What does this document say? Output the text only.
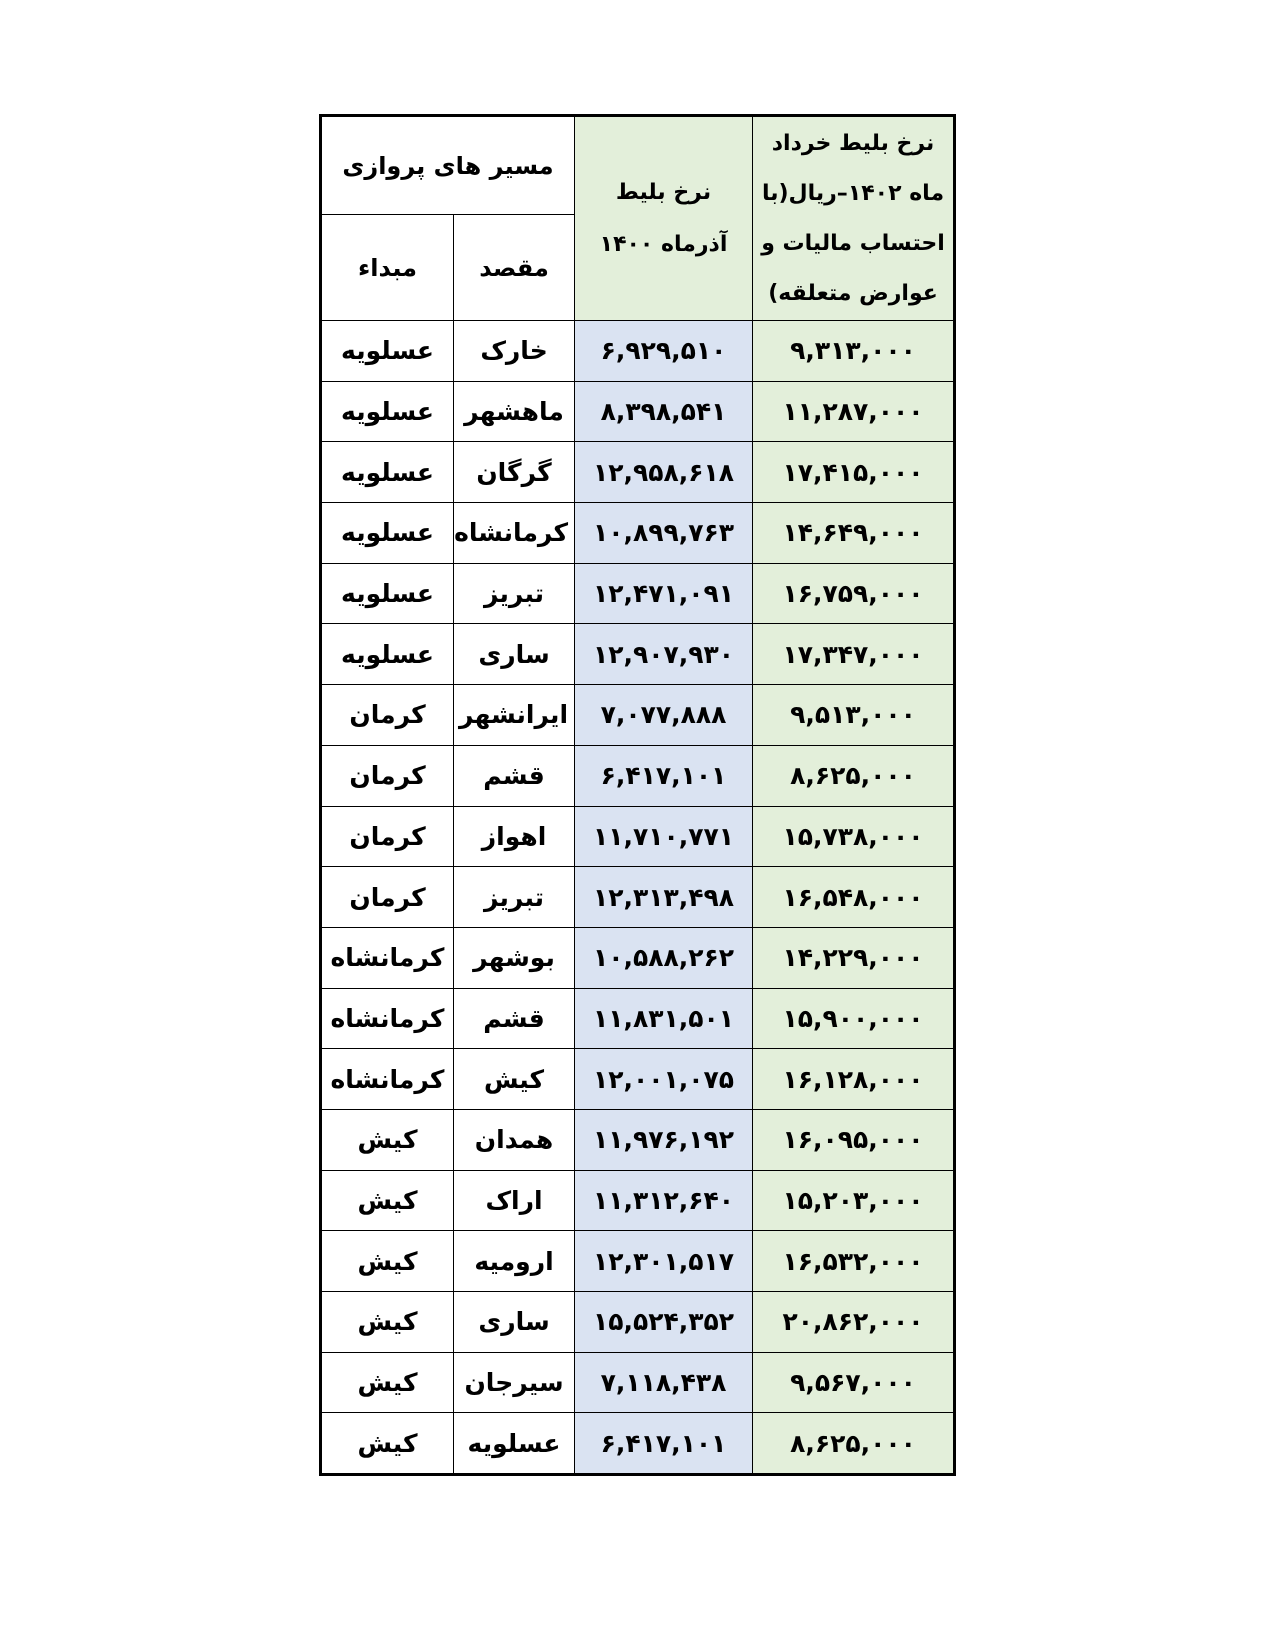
نرخ بلیط خرداد ماه ۱۴۰۲–ریال(با احتساب مالیات و عوارض متعلقه)	نرخ بلیط آذرماه ۱۴۰۰	مسیر های پروازی	
		مقصد	مبداء
۹,۳۱۳,۰۰۰	۶,۹۲۹,۵۱۰	خارک	عسلویه
۱۱,۲۸۷,۰۰۰	۸,۳۹۸,۵۴۱	ماهشهر	عسلویه
۱۷,۴۱۵,۰۰۰	۱۲,۹۵۸,۶۱۸	گرگان	عسلویه
۱۴,۶۴۹,۰۰۰	۱۰,۸۹۹,۷۶۳	کرمانشاه	عسلویه
۱۶,۷۵۹,۰۰۰	۱۲,۴۷۱,۰۹۱	تبریز	عسلویه
۱۷,۳۴۷,۰۰۰	۱۲,۹۰۷,۹۳۰	ساری	عسلویه
۹,۵۱۳,۰۰۰	۷,۰۷۷,۸۸۸	ایرانشهر	کرمان
۸,۶۲۵,۰۰۰	۶,۴۱۷,۱۰۱	قشم	کرمان
۱۵,۷۳۸,۰۰۰	۱۱,۷۱۰,۷۷۱	اهواز	کرمان
۱۶,۵۴۸,۰۰۰	۱۲,۳۱۳,۴۹۸	تبریز	کرمان
۱۴,۲۲۹,۰۰۰	۱۰,۵۸۸,۲۶۲	بوشهر	کرمانشاه
۱۵,۹۰۰,۰۰۰	۱۱,۸۳۱,۵۰۱	قشم	کرمانشاه
۱۶,۱۲۸,۰۰۰	۱۲,۰۰۱,۰۷۵	کیش	کرمانشاه
۱۶,۰۹۵,۰۰۰	۱۱,۹۷۶,۱۹۲	همدان	کیش
۱۵,۲۰۳,۰۰۰	۱۱,۳۱۲,۶۴۰	اراک	کیش
۱۶,۵۳۲,۰۰۰	۱۲,۳۰۱,۵۱۷	ارومیه	کیش
۲۰,۸۶۲,۰۰۰	۱۵,۵۲۴,۳۵۲	ساری	کیش
۹,۵۶۷,۰۰۰	۷,۱۱۸,۴۳۸	سیرجان	کیش
۸,۶۲۵,۰۰۰	۶,۴۱۷,۱۰۱	عسلویه	کیش
